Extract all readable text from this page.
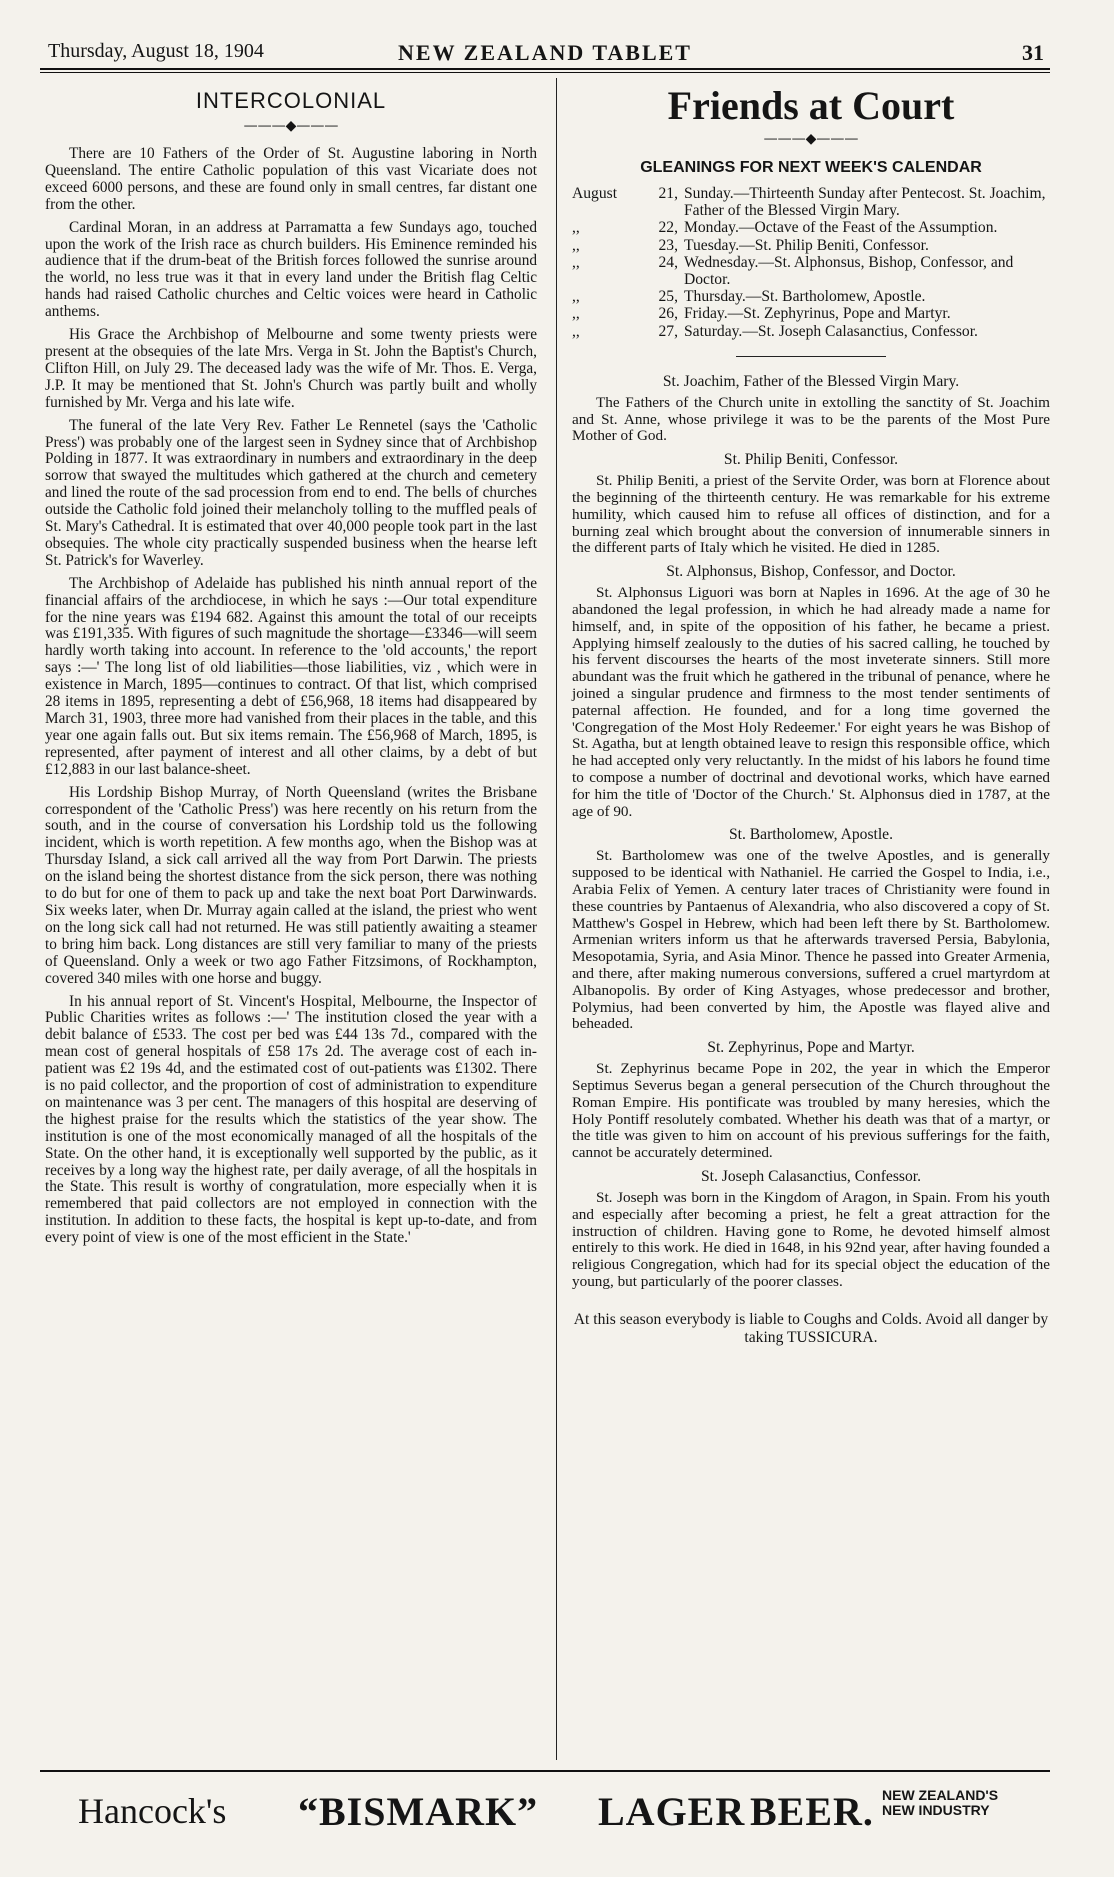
Thursday, August 18, 1904	NEW ZEALAND TABLET	31
INTERCOLONIAL
———◆———

There are 10 Fathers of the Order of St. Augustine laboring in North Queensland. The entire Catholic population of this vast Vicariate does not exceed 6000 persons, and these are found only in small centres, far distant one from the other.

Cardinal Moran, in an address at Parramatta a few Sundays ago, touched upon the work of the Irish race as church builders. His Eminence reminded his audience that if the drum-beat of the British forces followed the sunrise around the world, no less true was it that in every land under the British flag Celtic hands had raised Catholic churches and Celtic voices were heard in Catholic anthems.

His Grace the Archbishop of Melbourne and some twenty priests were present at the obsequies of the late Mrs. Verga in St. John the Baptist's Church, Clifton Hill, on July 29. The deceased lady was the wife of Mr. Thos. E. Verga, J.P. It may be mentioned that St. John's Church was partly built and wholly furnished by Mr. Verga and his late wife.

The funeral of the late Very Rev. Father Le Rennetel (says the 'Catholic Press') was probably one of the largest seen in Sydney since that of Archbishop Polding in 1877. It was extraordinary in numbers and extraordinary in the deep sorrow that swayed the multitudes which gathered at the church and cemetery and lined the route of the sad procession from end to end. The bells of churches outside the Catholic fold joined their melancholy tolling to the muffled peals of St. Mary's Cathedral. It is estimated that over 40,000 people took part in the last obsequies. The whole city practically suspended business when the hearse left St. Patrick's for Waverley.

The Archbishop of Adelaide has published his ninth annual report of the financial affairs of the archdiocese, in which he says :—Our total expenditure for the nine years was £194 682. Against this amount the total of our receipts was £191,335. With figures of such magnitude the shortage—£3346—will seem hardly worth taking into account. In reference to the 'old accounts,' the report says :—' The long list of old liabilities—those liabilities, viz , which were in existence in March, 1895—continues to contract. Of that list, which comprised 28 items in 1895, representing a debt of £56,968, 18 items had disappeared by March 31, 1903, three more had vanished from their places in the table, and this year one again falls out. But six items remain. The £56,968 of March, 1895, is represented, after payment of interest and all other claims, by a debt of but £12,883 in our last balance-sheet.

His Lordship Bishop Murray, of North Queensland (writes the Brisbane correspondent of the 'Catholic Press') was here recently on his return from the south, and in the course of conversation his Lordship told us the following incident, which is worth repetition. A few months ago, when the Bishop was at Thursday Island, a sick call arrived all the way from Port Darwin. The priests on the island being the shortest distance from the sick person, there was nothing to do but for one of them to pack up and take the next boat Port Darwinwards. Six weeks later, when Dr. Murray again called at the island, the priest who went on the long sick call had not returned. He was still patiently awaiting a steamer to bring him back. Long distances are still very familiar to many of the priests of Queensland. Only a week or two ago Father Fitzsimons, of Rockhampton, covered 340 miles with one horse and buggy.

In his annual report of St. Vincent's Hospital, Melbourne, the Inspector of Public Charities writes as follows :—' The institution closed the year with a debit balance of £533. The cost per bed was £44 13s 7d., compared with the mean cost of general hospitals of £58 17s 2d. The average cost of each in-patient was £2 19s 4d, and the estimated cost of out-patients was £1302. There is no paid collector, and the proportion of cost of administration to expenditure on maintenance was 3 per cent. The managers of this hospital are deserving of the highest praise for the results which the statistics of the year show. The institution is one of the most economically managed of all the hospitals of the State. On the other hand, it is exceptionally well supported by the public, as it receives by a long way the highest rate, per daily average, of all the hospitals in the State. This result is worthy of congratulation, more especially when it is remembered that paid collectors are not employed in connection with the institution. In addition to these facts, the hospital is kept up-to-date, and from every point of view is one of the most efficient in the State.'

Friends at Court
———◆———
GLEANINGS FOR NEXT WEEK'S CALENDAR
August	21, Sunday.—Thirteenth Sunday after Pentecost. St. Joachim, Father of the Blessed Virgin Mary.
,,	22, Monday.—Octave of the Feast of the Assumption.
,,	23, Tuesday.—St. Philip Beniti, Confessor.
,,	24, Wednesday.—St. Alphonsus, Bishop, Confessor, and Doctor.
,,	25, Thursday.—St. Bartholomew, Apostle.
,,	26, Friday.—St. Zephyrinus, Pope and Martyr.
,,	27, Saturday.—St. Joseph Calasanctius, Confessor.
St. Joachim, Father of the Blessed Virgin Mary.

The Fathers of the Church unite in extolling the sanctity of St. Joachim and St. Anne, whose privilege it was to be the parents of the Most Pure Mother of God.

St. Philip Beniti, Confessor.

St. Philip Beniti, a priest of the Servite Order, was born at Florence about the beginning of the thirteenth century. He was remarkable for his extreme humility, which caused him to refuse all offices of distinction, and for a burning zeal which brought about the conversion of innumerable sinners in the different parts of Italy which he visited. He died in 1285.

St. Alphonsus, Bishop, Confessor, and Doctor.

St. Alphonsus Liguori was born at Naples in 1696. At the age of 30 he abandoned the legal profession, in which he had already made a name for himself, and, in spite of the opposition of his father, he became a priest. Applying himself zealously to the duties of his sacred calling, he touched by his fervent discourses the hearts of the most inveterate sinners. Still more abundant was the fruit which he gathered in the tribunal of penance, where he joined a singular prudence and firmness to the most tender sentiments of paternal affection. He founded, and for a long time governed the 'Congregation of the Most Holy Redeemer.' For eight years he was Bishop of St. Agatha, but at length obtained leave to resign this responsible office, which he had accepted only very reluctantly. In the midst of his labors he found time to compose a number of doctrinal and devotional works, which have earned for him the title of 'Doctor of the Church.' St. Alphonsus died in 1787, at the age of 90.

St. Bartholomew, Apostle.

St. Bartholomew was one of the twelve Apostles, and is generally supposed to be identical with Nathaniel. He carried the Gospel to India, i.e., Arabia Felix of Yemen. A century later traces of Christianity were found in these countries by Pantaenus of Alexandria, who also discovered a copy of St. Matthew's Gospel in Hebrew, which had been left there by St. Bartholomew. Armenian writers inform us that he afterwards traversed Persia, Babylonia, Mesopotamia, Syria, and Asia Minor. Thence he passed into Greater Armenia, and there, after making numerous conversions, suffered a cruel martyrdom at Albanopolis. By order of King Astyages, whose predecessor and brother, Polymius, had been converted by him, the Apostle was flayed alive and beheaded.

St. Zephyrinus, Pope and Martyr.

St. Zephyrinus became Pope in 202, the year in which the Emperor Septimus Severus began a general persecution of the Church throughout the Roman Empire. His pontificate was troubled by many heresies, which the Holy Pontiff resolutely combated. Whether his death was that of a martyr, or the title was given to him on account of his previous sufferings for the faith, cannot be accurately determined.

St. Joseph Calasanctius, Confessor.

St. Joseph was born in the Kingdom of Aragon, in Spain. From his youth and especially after becoming a priest, he felt a great attraction for the instruction of children. Having gone to Rome, he devoted himself almost entirely to this work. He died in 1648, in his 92nd year, after having founded a religious Congregation, which had for its special object the education of the young, but particularly of the poorer classes.

At this season everybody is liable to Coughs and Colds. Avoid all danger by taking TUSSICURA.
Hancock's “BISMARK” LAGER BEER. NEW ZEALAND'S
NEW INDUSTRY
